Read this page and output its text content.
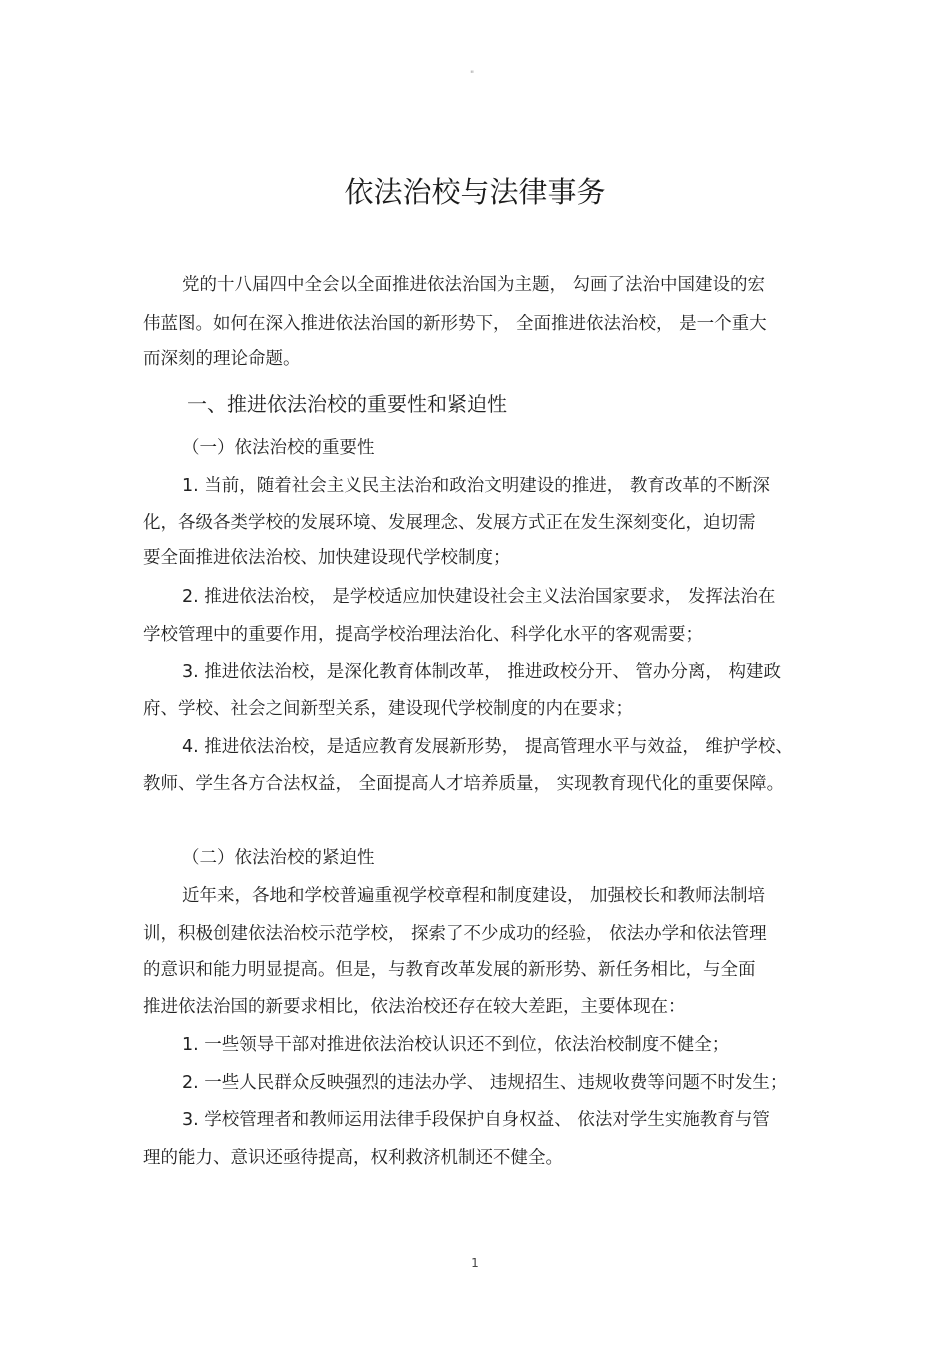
"
依法治校与法律事务
党的十八届四中全会以全面推进依法治国为主题， 勾画了法治中国建设的宏
伟蓝图。如何在深入推进依法治国的新形势下， 全面推进依法治校， 是一个重大
而深刻的理论命题。
一、推进依法治校的重要性和紧迫性
（一）依法治校的重要性
1. 当前，随着社会主义民主法治和政治文明建设的推进， 教育改革的不断深
化，各级各类学校的发展环境、发展理念、发展方式正在发生深刻变化，迫切需
要全面推进依法治校、加快建设现代学校制度；
2. 推进依法治校， 是学校适应加快建设社会主义法治国家要求， 发挥法治在
学校管理中的重要作用，提高学校治理法治化、科学化水平的客观需要；
3. 推进依法治校，是深化教育体制改革， 推进政校分开、 管办分离， 构建政
府、学校、社会之间新型关系，建设现代学校制度的内在要求；
4. 推进依法治校，是适应教育发展新形势， 提高管理水平与效益， 维护学校、
教师、学生各方合法权益， 全面提高人才培养质量， 实现教育现代化的重要保障。
（二）依法治校的紧迫性
近年来，各地和学校普遍重视学校章程和制度建设， 加强校长和教师法制培
训，积极创建依法治校示范学校， 探索了不少成功的经验， 依法办学和依法管理
的意识和能力明显提高。但是，与教育改革发展的新形势、新任务相比，与全面
推进依法治国的新要求相比，依法治校还存在较大差距，主要体现在：
1. 一些领导干部对推进依法治校认识还不到位，依法治校制度不健全；
2. 一些人民群众反映强烈的违法办学、 违规招生、违规收费等问题不时发生；
3. 学校管理者和教师运用法律手段保护自身权益、 依法对学生实施教育与管
理的能力、意识还亟待提高，权利救济机制还不健全。
1
